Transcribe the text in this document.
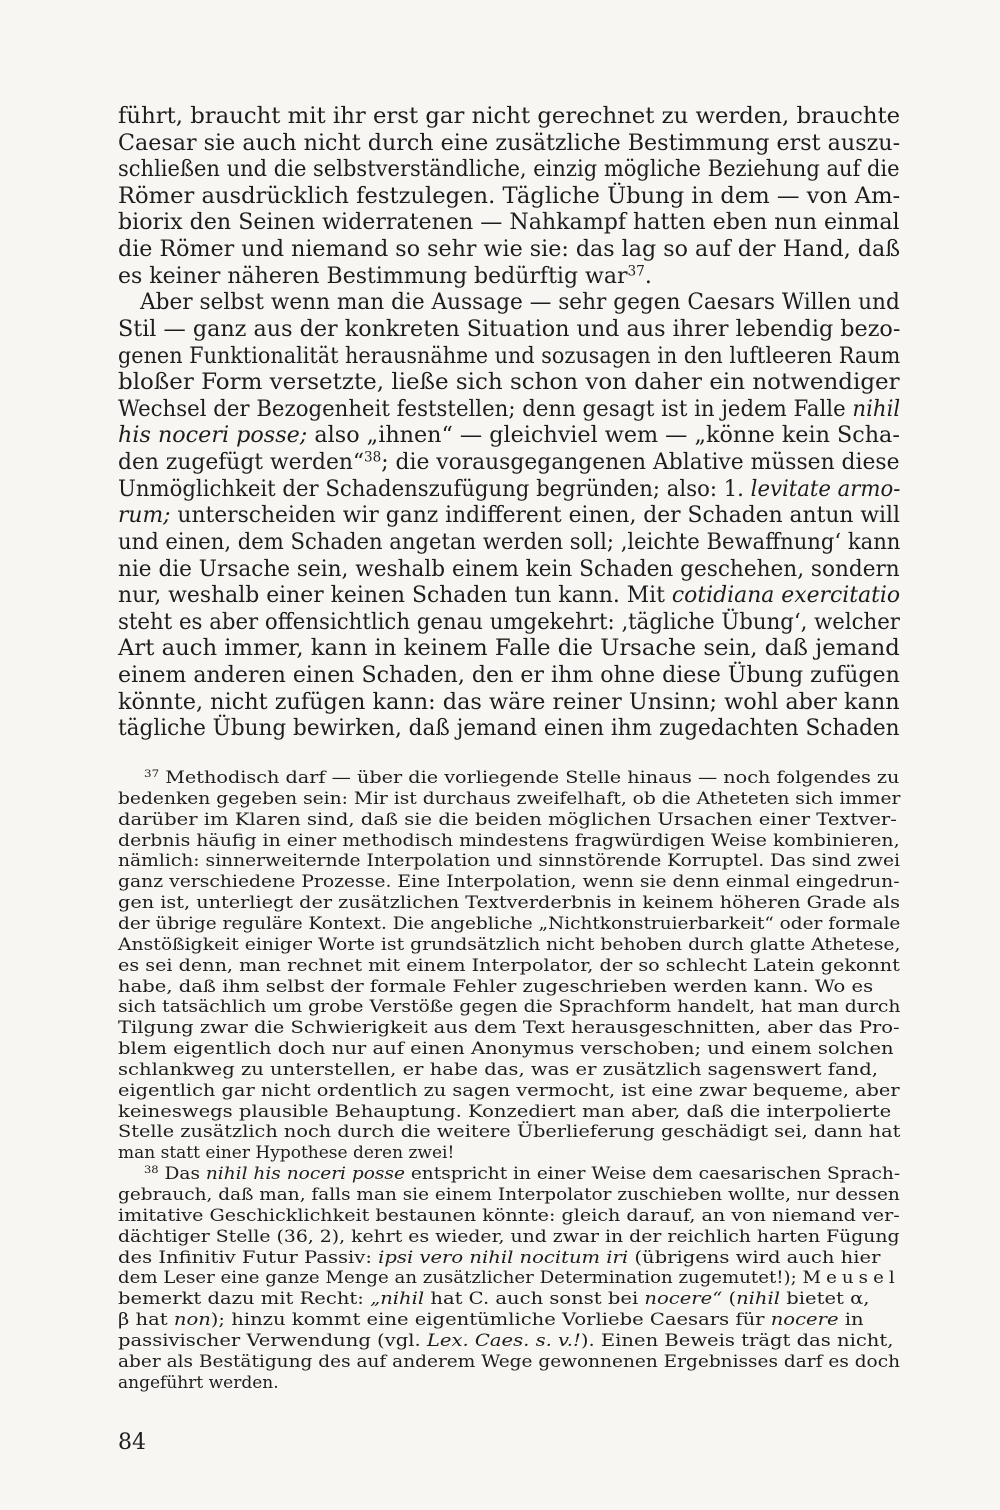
führt, braucht mit ihr erst gar nicht gerechnet zu werden, brauchte
Caesar sie auch nicht durch eine zusätzliche Bestimmung erst auszu-
schließen und die selbstverständliche, einzig mögliche Beziehung auf die
Römer ausdrücklich festzulegen. Tägliche Übung in dem — von Am-
biorix den Seinen widerratenen — Nahkampf hatten eben nun einmal
die Römer und niemand so sehr wie sie: das lag so auf der Hand, daß
es keiner näheren Bestimmung bedürftig war$^{37}$.
Aber selbst wenn man die Aussage — sehr gegen Caesars Willen und
Stil — ganz aus der konkreten Situation und aus ihrer lebendig bezo-
genen Funktionalität herausnähme und sozusagen in den luftleeren Raum
bloßer Form versetzte, ließe sich schon von daher ein notwendiger
Wechsel der Bezogenheit feststellen; denn gesagt ist in jedem Falle nihil
his noceri posse; also „ihnen“ — gleichviel wem — „könne kein Scha-
den zugefügt werden“$^{38}$; die vorausgegangenen Ablative müssen diese
Unmöglichkeit der Schadenszufügung begründen; also: 1. levitate armo-
rum; unterscheiden wir ganz indifferent einen, der Schaden antun will
und einen, dem Schaden angetan werden soll; ‚leichte Bewaffnung‘ kann
nie die Ursache sein, weshalb einem kein Schaden geschehen, sondern
nur, weshalb einer keinen Schaden tun kann. Mit cotidiana exercitatio
steht es aber offensichtlich genau umgekehrt: ‚tägliche Übung‘, welcher
Art auch immer, kann in keinem Falle die Ursache sein, daß jemand
einem anderen einen Schaden, den er ihm ohne diese Übung zufügen
könnte, nicht zufügen kann: das wäre reiner Unsinn; wohl aber kann
tägliche Übung bewirken, daß jemand einen ihm zugedachten Schaden
$^{37}$ Methodisch darf — über die vorliegende Stelle hinaus — noch folgendes zu
bedenken gegeben sein: Mir ist durchaus zweifelhaft, ob die Atheteten sich immer
darüber im Klaren sind, daß sie die beiden möglichen Ursachen einer Textver-
derbnis häufig in einer methodisch mindestens fragwürdigen Weise kombinieren,
nämlich: sinnerweiternde Interpolation und sinnstörende Korruptel. Das sind zwei
ganz verschiedene Prozesse. Eine Interpolation, wenn sie denn einmal eingedrun-
gen ist, unterliegt der zusätzlichen Textverderbnis in keinem höheren Grade als
der übrige reguläre Kontext. Die angebliche „Nichtkonstruierbarkeit“ oder formale
Anstößigkeit einiger Worte ist grundsätzlich nicht behoben durch glatte Athetese,
es sei denn, man rechnet mit einem Interpolator, der so schlecht Latein gekonnt
habe, daß ihm selbst der formale Fehler zugeschrieben werden kann. Wo es
sich tatsächlich um grobe Verstöße gegen die Sprachform handelt, hat man durch
Tilgung zwar die Schwierigkeit aus dem Text herausgeschnitten, aber das Pro-
blem eigentlich doch nur auf einen Anonymus verschoben; und einem solchen
schlankweg zu unterstellen, er habe das, was er zusätzlich sagenswert fand,
eigentlich gar nicht ordentlich zu sagen vermocht, ist eine zwar bequeme, aber
keineswegs plausible Behauptung. Konzediert man aber, daß die interpolierte
Stelle zusätzlich noch durch die weitere Überlieferung geschädigt sei, dann hat
man statt einer Hypothese deren zwei!
$^{38}$ Das nihil his noceri posse entspricht in einer Weise dem caesarischen Sprach-
gebrauch, daß man, falls man sie einem Interpolator zuschieben wollte, nur dessen
imitative Geschicklichkeit bestaunen könnte: gleich darauf, an von niemand ver-
dächtiger Stelle (36, 2), kehrt es wieder, und zwar in der reichlich harten Fügung
des Infinitiv Futur Passiv: ipsi vero nihil nocitum iri (übrigens wird auch hier
dem Leser eine ganze Menge an zusätzlicher Determination zugemutet!); Meusel
bemerkt dazu mit Recht: „nihil hat C. auch sonst bei nocere“ (nihil bietet α,
β hat non); hinzu kommt eine eigentümliche Vorliebe Caesars für nocere in
passivischer Verwendung (vgl. Lex. Caes. s. v.!). Einen Beweis trägt das nicht,
aber als Bestätigung des auf anderem Wege gewonnenen Ergebnisses darf es doch
angeführt werden.
84
